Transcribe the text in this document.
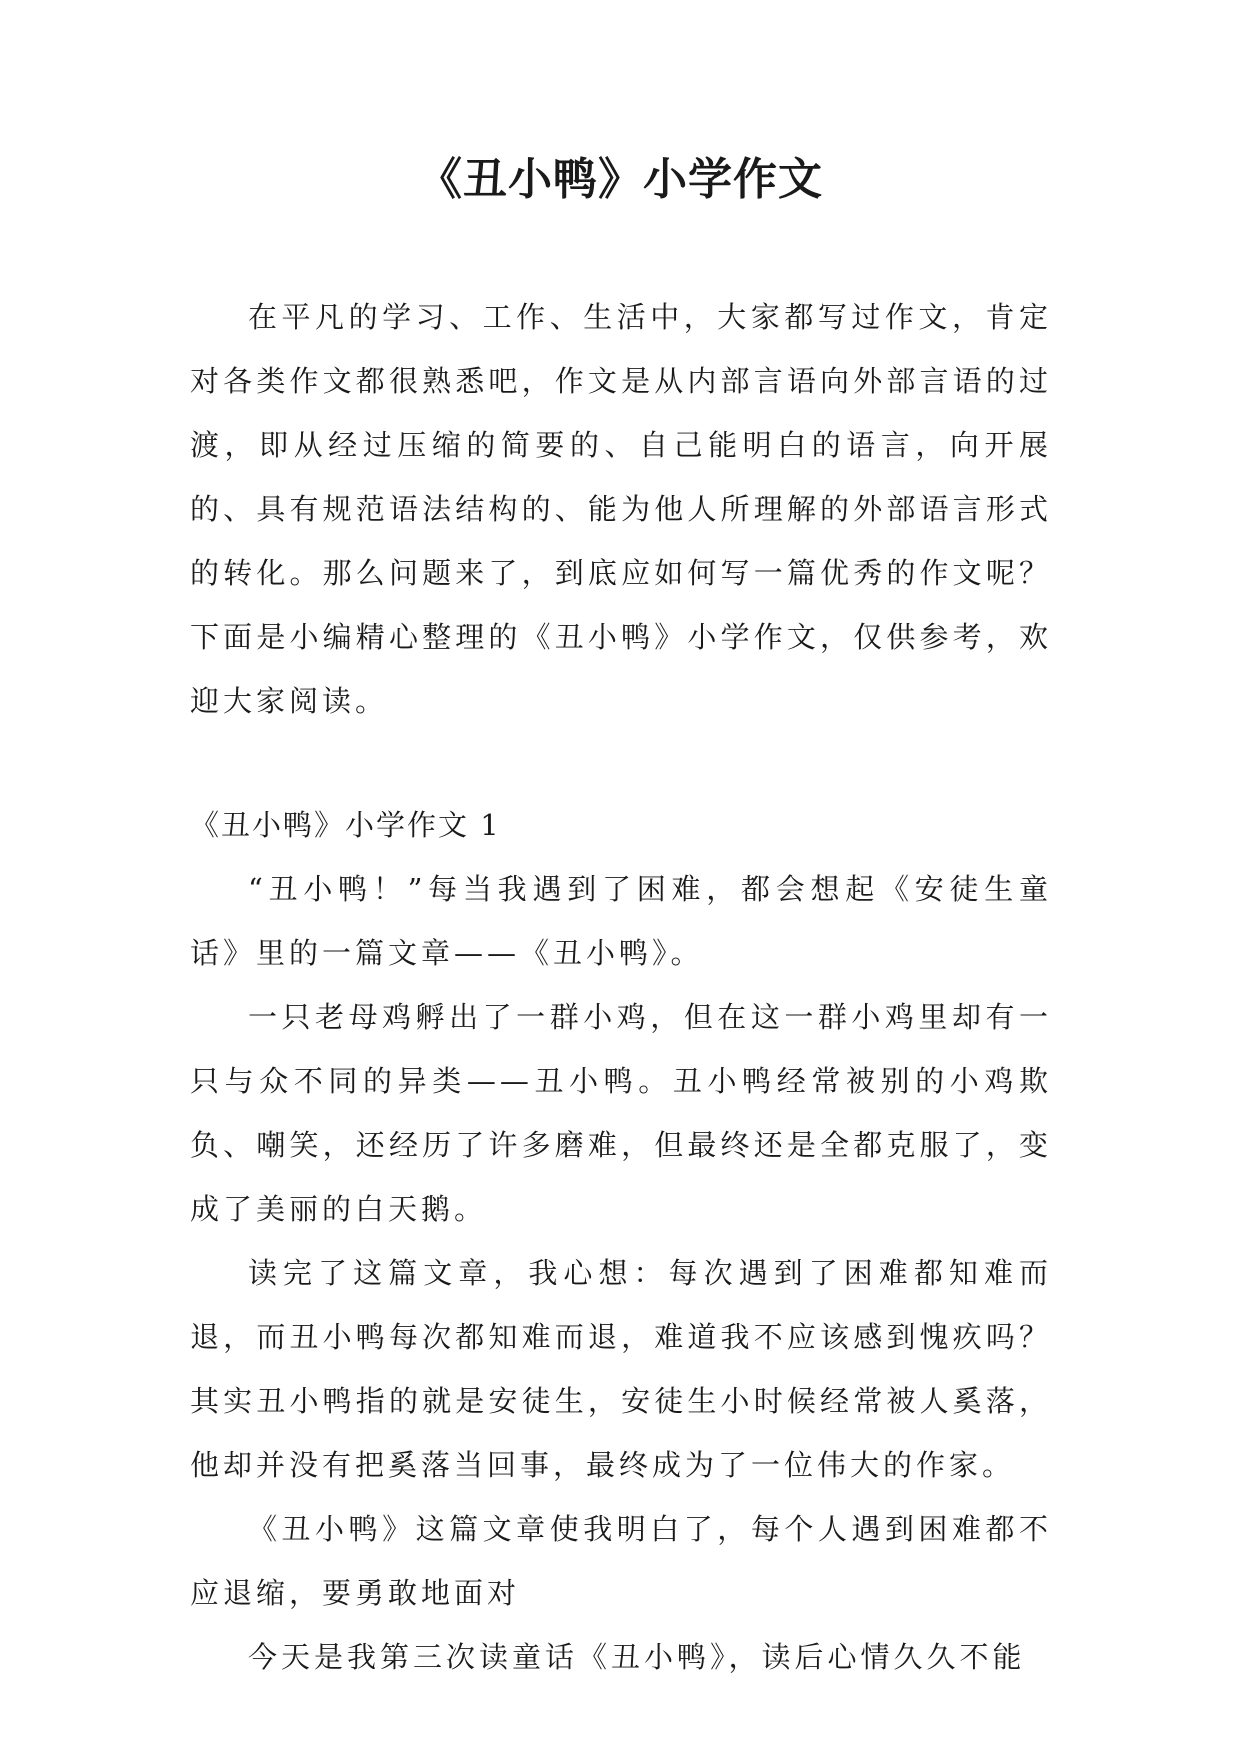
《丑小鸭》小学作文

在平凡的学习、工作、生活中，大家都写过作文，肯定对各类作文都很熟悉吧，作文是从内部言语向外部言语的过渡，即从经过压缩的简要的、自己能明白的语言，向开展的、具有规范语法结构的、能为他人所理解的外部语言形式的转化。那么问题来了，到底应如何写一篇优秀的作文呢？下面是小编精心整理的《丑小鸭》小学作文，仅供参考，欢迎大家阅读。

《丑小鸭》小学作文 1

“丑小鸭！”每当我遇到了困难，都会想起《安徒生童话》里的一篇文章——《丑小鸭》。

一只老母鸡孵出了一群小鸡，但在这一群小鸡里却有一只与众不同的异类——丑小鸭。丑小鸭经常被别的小鸡欺负、嘲笑，还经历了许多磨难，但最终还是全都克服了，变成了美丽的白天鹅。

读完了这篇文章，我心想：每次遇到了困难都知难而退，而丑小鸭每次都知难而退，难道我不应该感到愧疚吗？其实丑小鸭指的就是安徒生，安徒生小时候经常被人奚落，他却并没有把奚落当回事，最终成为了一位伟大的作家。

《丑小鸭》这篇文章使我明白了，每个人遇到困难都不应退缩，要勇敢地面对

今天是我第三次读童话《丑小鸭》，读后心情久久不能
